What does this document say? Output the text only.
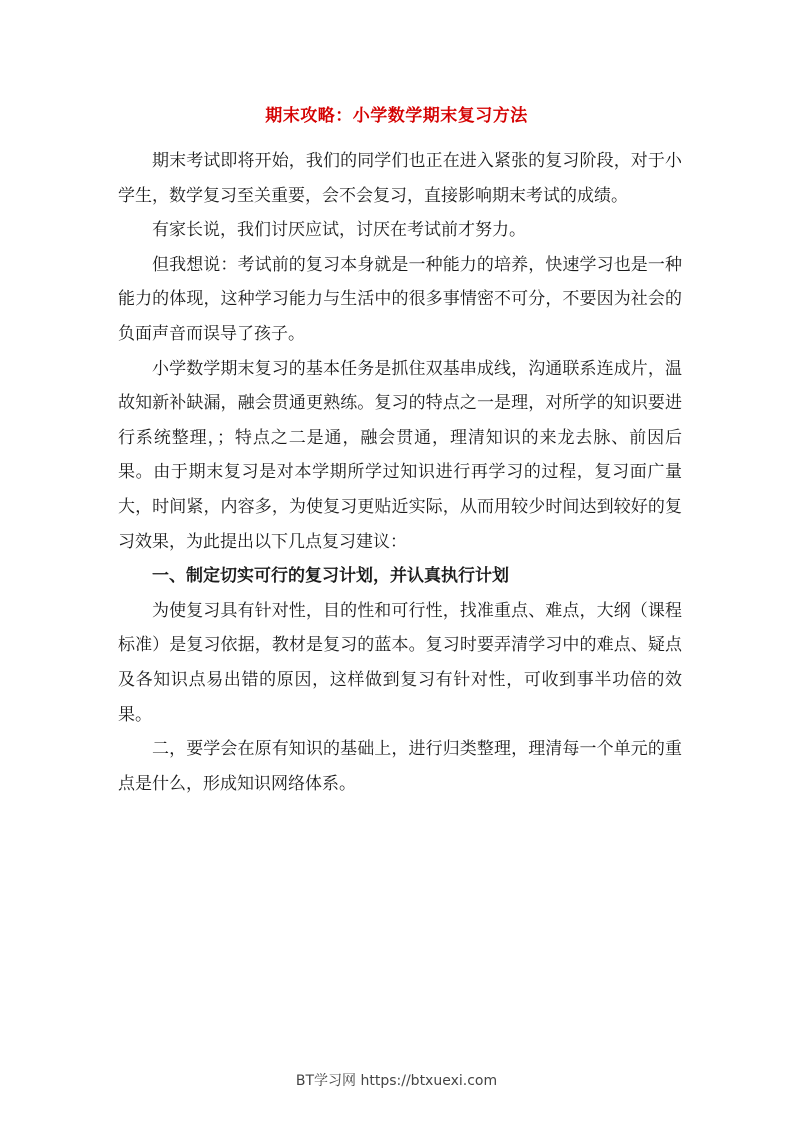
期末攻略：小学数学期末复习方法

期末考试即将开始，我们的同学们也正在进入紧张的复习阶段，对于小学生，数学复习至关重要，会不会复习，直接影响期末考试的成绩。

有家长说，我们讨厌应试，讨厌在考试前才努力。

但我想说：考试前的复习本身就是一种能力的培养，快速学习也是一种能力的体现，这种学习能力与生活中的很多事情密不可分，不要因为社会的负面声音而误导了孩子。

小学数学期末复习的基本任务是抓住双基串成线，沟通联系连成片，温故知新补缺漏，融会贯通更熟练。复习的特点之一是理，对所学的知识要进行系统整理，；特点之二是通，融会贯通，理清知识的来龙去脉、前因后果。由于期末复习是对本学期所学过知识进行再学习的过程，复习面广量大，时间紧，内容多，为使复习更贴近实际，从而用较少时间达到较好的复习效果，为此提出以下几点复习建议：

一、制定切实可行的复习计划，并认真执行计划

为使复习具有针对性，目的性和可行性，找准重点、难点，大纲（课程标准）是复习依据，教材是复习的蓝本。复习时要弄清学习中的难点、疑点及各知识点易出错的原因，这样做到复习有针对性，可收到事半功倍的效果。

二，要学会在原有知识的基础上，进行归类整理，理清每一个单元的重点是什么，形成知识网络体系。

BT学习网 https://btxuexi.com
